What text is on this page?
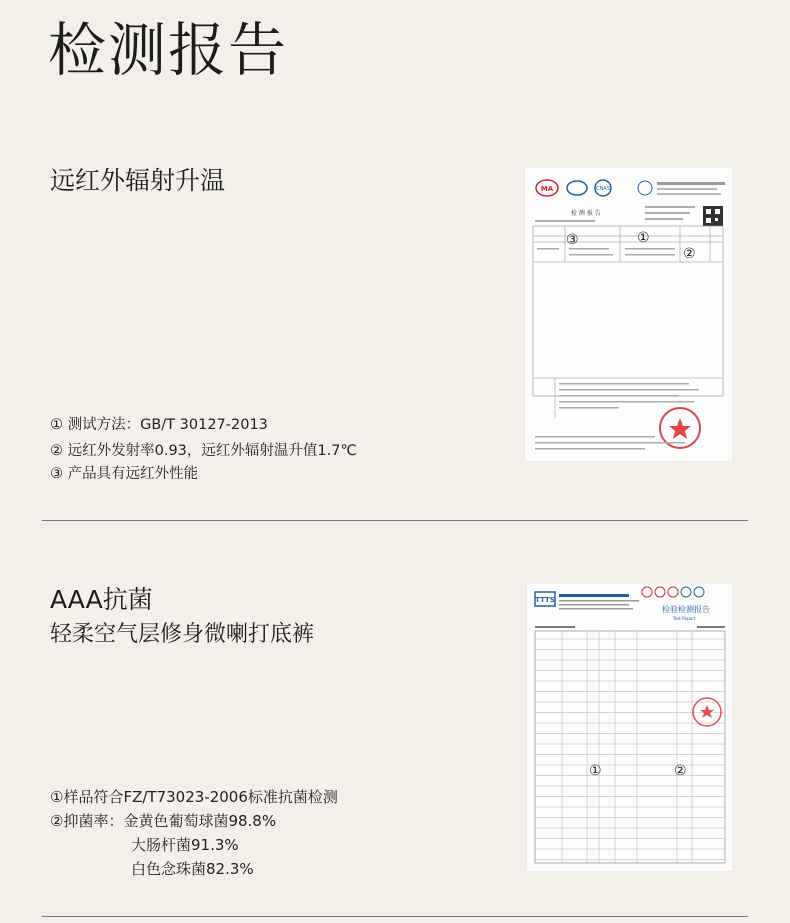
检测报告
远红外辐射升温	MA	CNAS
检 测 报 告
③	①
②
① 测试方法：GB/T 30127-2013
② 远红外发射率0.93，远红外辐射温升值1.7℃
③ 产品具有远红外性能
AAA抗菌
轻柔空气层修身微喇打底裤
TTTS
检验检测报告
Test Report
①	②
①样品符合FZ/T73023-2006标准抗菌检测
②抑菌率：金黄色葡萄球菌98.8%
大肠杆菌91.3%
白色念珠菌82.3%
